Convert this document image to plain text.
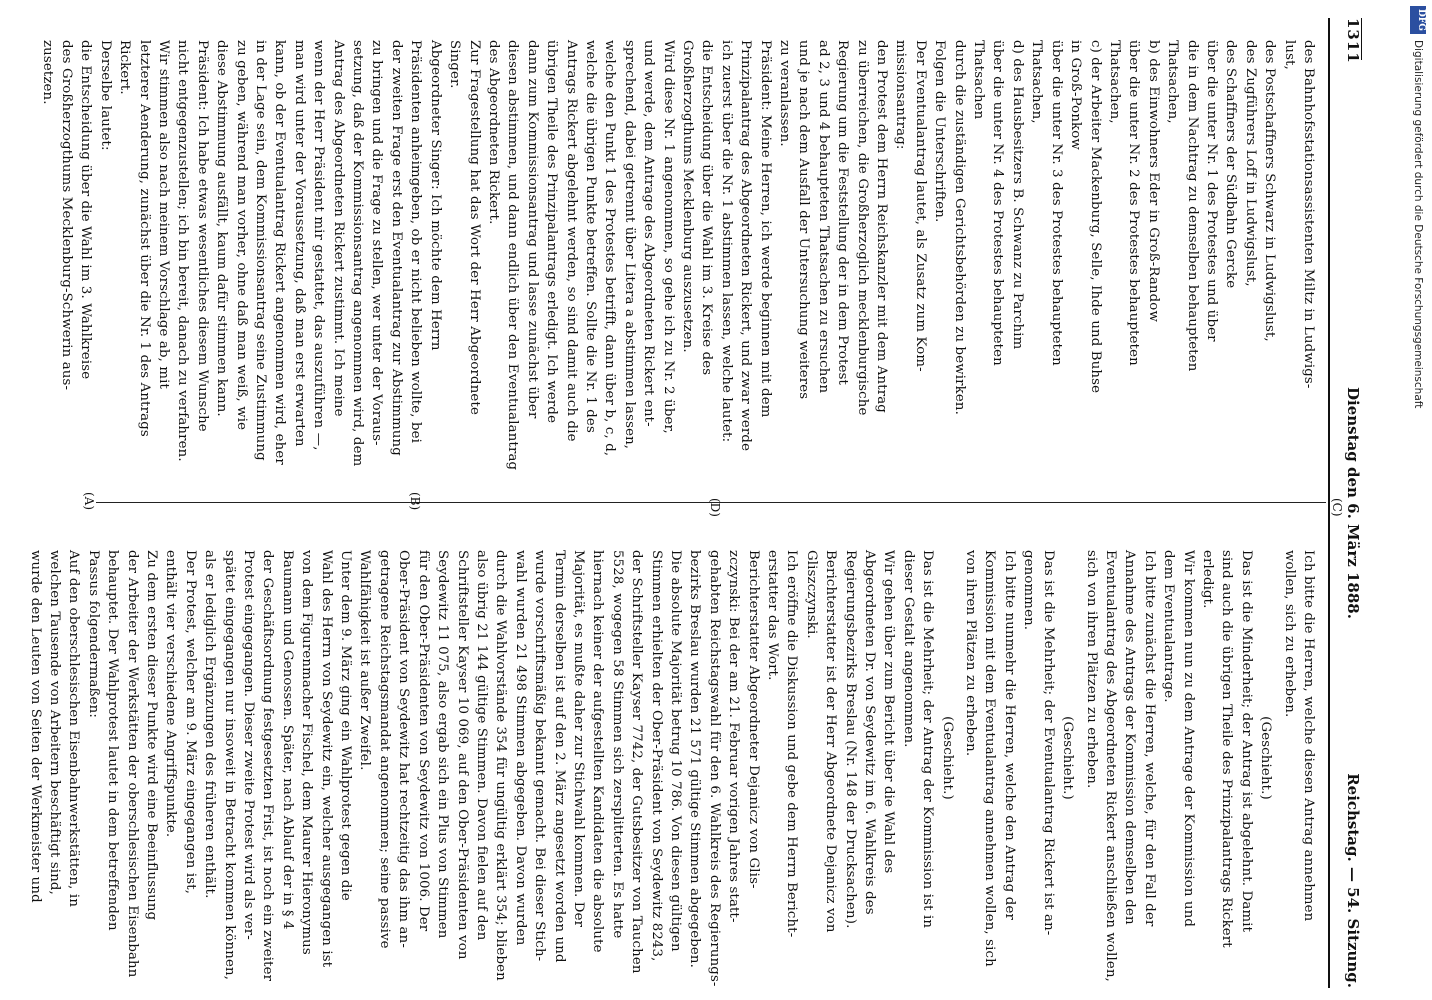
1311
Dienstag den 6. März 1888.
Reichstag. — 54. Sitzung.

Ich bitte die Herren, welche diesen Antrag annehmen

wollen, sich zu erheben.

(Geschieht.)

Das ist die Minderheit; der Antrag ist abgelehnt. Damit

sind auch die übrigen Theile des Prinzipalantrags Rickert

erledigt.

Wir kommen nun zu dem Antrage der Kommission und

dem Eventualantrage.

Ich bitte zunächst die Herren, welche, für den Fall der

Annahme des Antrags der Kommission demselben den

Eventualantrag des Abgeordneten Rickert anschließen wollen,

sich von ihren Plätzen zu erheben.

(Geschieht.)

Das ist die Mehrheit; der Eventualantrag Rickert ist an-

genommen.

Ich bitte nunmehr die Herren, welche den Antrag der

Kommission mit dem Eventualantrag annehmen wollen, sich

von ihren Plätzen zu erheben.

(Geschieht.)

Das ist die Mehrheit; der Antrag der Kommission ist in

dieser Gestalt angenommen.

Wir gehen über zum Bericht über die Wahl des

Abgeordneten Dr. von Seydewitz im 6. Wahlkreis des

Regierungsbezirks Breslau (Nr. 148 der Drucksachen).

Berichterstatter ist der Herr Abgeordnete Dejanicz von

Gliszczynski.

Ich eröffne die Diskussion und gebe dem Herrn Bericht-

erstatter das Wort.

Berichterstatter Abgeordneter Dejanicz von Glis-

zczynski: Bei der am 21. Februar vorigen Jahres statt-

gehabten Reichstagswahl für den 6. Wahlkreis des Regierungs-

bezirks Breslau wurden 21 571 gültige Stimmen abgegeben.

Die absolute Majorität betrug 10 786. Von diesen gültigen

Stimmen erhielten der Ober-Präsident von Seydewitz 8243,

der Schriftsteller Kayser 7742, der Gutsbesitzer von Tauchen

5528, wogegen 58 Stimmen sich zersplitterten. Es hatte

hiernach keiner der aufgestellten Kandidaten die absolute

Majorität, es mußte daher zur Stichwahl kommen. Der

Termin derselben ist auf den 2. März angesetzt worden und

wurde vorschriftsmäßig bekannt gemacht. Bei dieser Stich-

wahl wurden 21 498 Stimmen abgegeben. Davon wurden

durch die Wahlvorstände 354 für ungültig erklärt 354; blieben

also übrig 21 144 gültige Stimmen. Davon fielen auf den

Schriftsteller Kayser 10 069, auf den Ober-Präsidenten von

Seydewitz 11 075, also ergab sich ein Plus von Stimmen

für den Ober-Präsidenten von Seydewitz von 1006. Der

Ober-Präsident von Seydewitz hat rechtzeitig das ihm an-

getragene Reichstagsmandat angenommen; seine passive

Wahlfähigkeit ist außer Zweifel.

Unter dem 9. März ging ein Wahlprotest gegen die

Wahl des Herrn von Seydewitz ein, welcher ausgegangen ist

von dem Figurenmacher Fischel, dem Maurer Hieronymus

Baumann und Genossen. Später, nach Ablauf der in § 4

der Geschäftsordnung festgesetzten Frist, ist noch ein zweiter

Protest eingegangen. Dieser zweite Protest wird als ver-

spätet eingegangen nur insoweit in Betracht kommen können,

als er lediglich Ergänzungen des früheren enthält.

Der Protest, welcher am 9. März eingegangen ist,

enthält vier verschiedene Angriffspunkte.

Zu dem ersten dieser Punkte wird eine Beeinflussung

der Arbeiter der Werkstätten der oberschlesischen Eisenbahn

behauptet. Der Wahlprotest lautet in dem betreffenden

Passus folgendermaßen:

Auf den oberschlesischen Eisenbahnwerkstätten, in

welchen Tausende von Arbeitern beschäftigt sind,

wurde den Leuten von Seiten der Werkmeister und

des Bahnhofsstationsassistenten Miltz in Ludwigs-

lust,

des Postschaffners Schwarz in Ludwigslust,

des Zugführers Loff in Ludwigslust,

des Schaffners der Südbahn Gercke

über die unter Nr. 1 des Protestes und über

die in dem Nachtrag zu demselben behaupteten

Thatsachen,

b) des Einwohners Eder in Groß-Randow

über die unter Nr. 2 des Protestes behaupteten

Thatsachen,

c) der Arbeiter Mackenburg, Selle, Ihde und Buhse

in Groß-Ponkow

über die unter Nr. 3 des Protestes behaupteten

Thatsachen,

d) des Hausbesitzers B. Schwanz zu Parchim

über die unter Nr. 4 des Protestes behaupteten

Thatsachen

durch die zuständigen Gerichtsbehörden zu bewirken.

Folgen die Unterschriften.

Der Eventualantrag lautet, als Zusatz zum Kom-

missionsantrag:

den Protest dem Herrn Reichskanzler mit dem Antrag

zu überreichen, die Großherzoglich mecklenburgische

Regierung um die Feststellung der in dem Protest

ad 2, 3 und 4 behaupteten Thatsachen zu ersuchen

und je nach dem Ausfall der Untersuchung weiteres

zu veranlassen.

Präsident: Meine Herren, ich werde beginnen mit dem

Prinzipalantrag des Abgeordneten Rickert, und zwar werde

ich zuerst über die Nr. 1 abstimmen lassen, welche lautet:

die Entscheidung über die Wahl im 3. Kreise des

Großherzogthums Mecklenburg auszusetzen.

Wird diese Nr. 1 angenommen, so gehe ich zu Nr. 2 über,

und werde, dem Antrage des Abgeordneten Rickert ent-

sprechend, dabei getrennt über Litera a abstimmen lassen,

welche den Punkt 1 des Protestes betrifft, dann über b, c, d,

welche die übrigen Punkte betreffen. Sollte die Nr. 1 des

Antrags Rickert abgelehnt werden, so sind damit auch die

übrigen Theile des Prinzipalantrags erledigt. Ich werde

dann zum Kommissionsantrag und lasse zunächst über

diesen abstimmen, und dann endlich über den Eventualantrag

des Abgeordneten Rickert.

Zur Fragestellung hat das Wort der Herr Abgeordnete

Singer.

Abgeordneter Singer: Ich möchte dem Herrn

Präsidenten anheimgeben, ob er nicht belieben wollte, bei

der zweiten Frage erst den Eventualantrag zur Abstimmung

zu bringen und die Frage zu stellen, wer unter der Voraus-

setzung, daß der Kommissionsantrag angenommen wird, dem

Antrag des Abgeordneten Rickert zustimmt. Ich meine

wenn der Herr Präsident mir gestattet, das auszuführen —,

man wird unter der Voraussetzung, daß man erst erwarten

kann, ob der Eventualantrag Rickert angenommen wird, eher

in der Lage sein, dem Kommissionsantrag seine Zustimmung

zu geben, während man vorher, ohne daß man weiß, wie

diese Abstimmung ausfällt, kaum dafür stimmen kann.

Präsident: Ich habe etwas wesentliches diesem Wunsche

nicht entgegenzustellen; ich bin bereit, danach zu verfahren.

Wir stimmen also nach meinem Vorschlage ab, mit

letzterer Aenderung, zunächst über die Nr. 1 des Antrags

Rickert.

Derselbe lautet:

die Entscheidung über die Wahl im 3. Wahlkreise

des Großherzogthums Mecklenburg-Schwerin aus-

zusetzen.

(C)
(D)
(B)
(A)
DFG
Digitalisierung gefördert durch die Deutsche Forschungsgemeinschaft
